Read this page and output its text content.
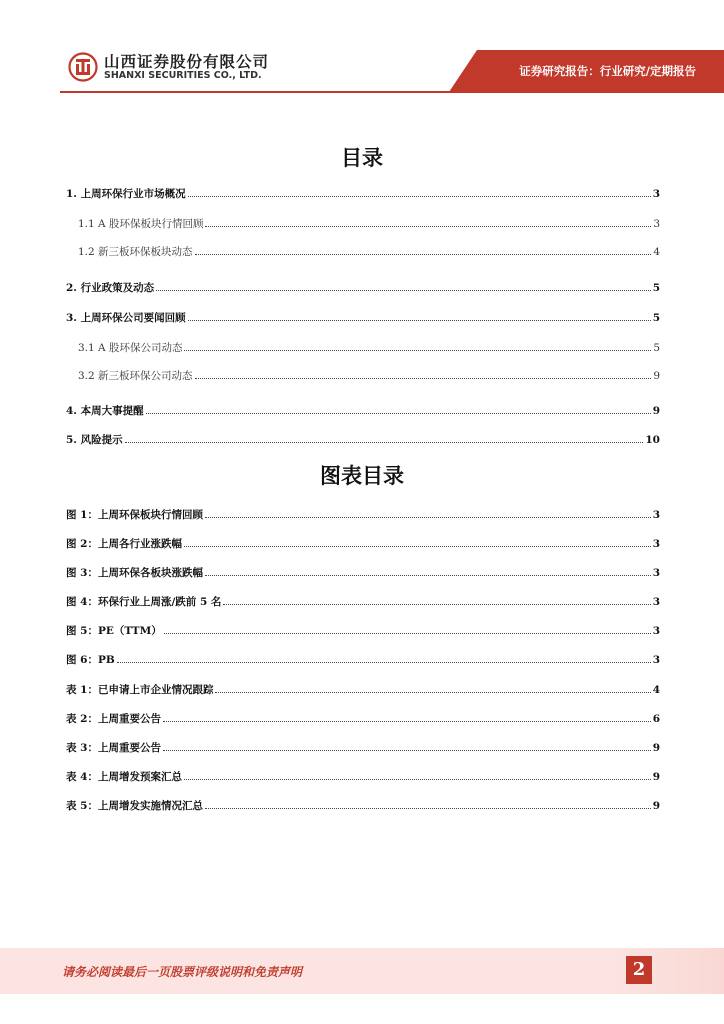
山西证券股份有限公司
SHANXI SECURITIES CO., LTD.	证券研究报告：行业研究/定期报告
目录
1. 上周环保行业市场概况	3
1.1 A 股环保板块行情回顾	3
1.2 新三板环保板块动态	4
2. 行业政策及动态	5
3. 上周环保公司要闻回顾	5
3.1 A 股环保公司动态	5
3.2 新三板环保公司动态	9
4. 本周大事提醒	9
5. 风险提示	10
图表目录
图 1：上周环保板块行情回顾	3
图 2：上周各行业涨跌幅	3
图 3：上周环保各板块涨跌幅	3
图 4：环保行业上周涨/跌前 5 名	3
图 5：PE（TTM）	3
图 6：PB	3
表 1：已申请上市企业情况跟踪	4
表 2：上周重要公告	6
表 3：上周重要公告	9
表 4：上周增发预案汇总	9
表 5：上周增发实施情况汇总	9
请务必阅读最后一页股票评级说明和免责声明	2
